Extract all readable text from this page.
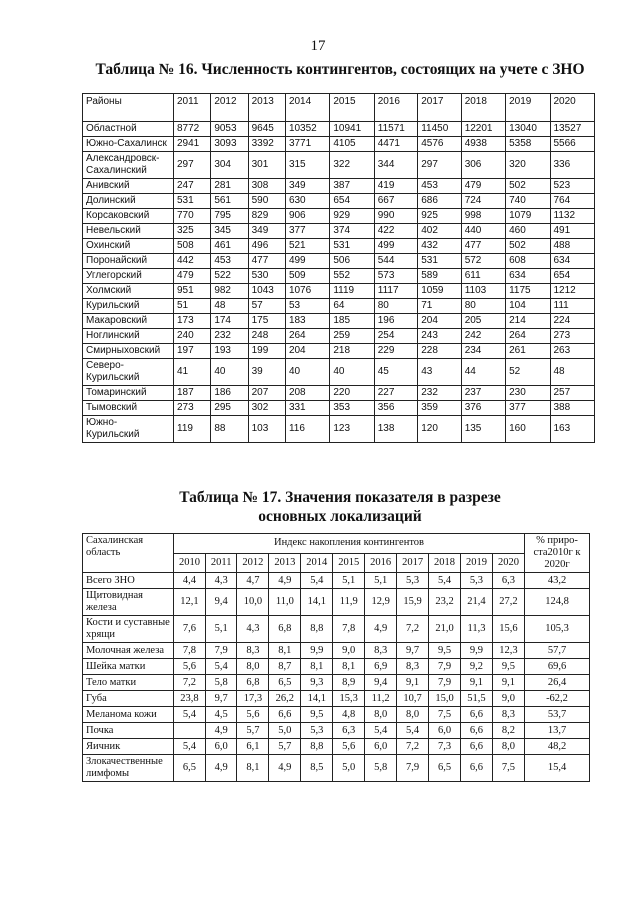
17
Таблица № 16. Численность контингентов, состоящих на учете с ЗНО
Районы	2011	2012	2013	2014	2015	2016	2017	2018	2019	2020
Областной	8772	9053	9645	10352	10941	11571	11450	12201	13040	13527
Южно-Сахалинск	2941	3093	3392	3771	4105	4471	4576	4938	5358	5566
Александровск-Сахалинский	297	304	301	315	322	344	297	306	320	336
Анивский	247	281	308	349	387	419	453	479	502	523
Долинский	531	561	590	630	654	667	686	724	740	764
Корсаковский	770	795	829	906	929	990	925	998	1079	1132
Невельский	325	345	349	377	374	422	402	440	460	491
Охинский	508	461	496	521	531	499	432	477	502	488
Поронайский	442	453	477	499	506	544	531	572	608	634
Углегорский	479	522	530	509	552	573	589	611	634	654
Холмский	951	982	1043	1076	1119	1117	1059	1103	1175	1212
Курильский	51	48	57	53	64	80	71	80	104	111
Макаровский	173	174	175	183	185	196	204	205	214	224
Ноглинский	240	232	248	264	259	254	243	242	264	273
Смирныховский	197	193	199	204	218	229	228	234	261	263
Северо-Курильский	41	40	39	40	40	45	43	44	52	48
Томаринский	187	186	207	208	220	227	232	237	230	257
Тымовский	273	295	302	331	353	356	359	376	377	388
Южно-Курильский	119	88	103	116	123	138	120	135	160	163
Таблица № 17. Значения показателя в разрезе основных локализаций
Сахалинская область	Индекс накопления контингентов											% приро-ста2010г к 2020г
	2010	2011	2012	2013	2014	2015	2016	2017	2018	2019	2020	
Всего ЗНО	4,4	4,3	4,7	4,9	5,4	5,1	5,1	5,3	5,4	5,3	6,3	43,2
Щитовидная железа	12,1	9,4	10,0	11,0	14,1	11,9	12,9	15,9	23,2	21,4	27,2	124,8
Кости и суставные хрящи	7,6	5,1	4,3	6,8	8,8	7,8	4,9	7,2	21,0	11,3	15,6	105,3
Молочная железа	7,8	7,9	8,3	8,1	9,9	9,0	8,3	9,7	9,5	9,9	12,3	57,7
Шейка матки	5,6	5,4	8,0	8,7	8,1	8,1	6,9	8,3	7,9	9,2	9,5	69,6
Тело матки	7,2	5,8	6,8	6,5	9,3	8,9	9,4	9,1	7,9	9,1	9,1	26,4
Губа	23,8	9,7	17,3	26,2	14,1	15,3	11,2	10,7	15,0	51,5	9,0	-62,2
Меланома кожи	5,4	4,5	5,6	6,6	9,5	4,8	8,0	8,0	7,5	6,6	8,3	53,7
Почка		4,9	5,7	5,0	5,3	6,3	5,4	5,4	6,0	6,6	8,2	13,7
Яичник	5,4	6,0	6,1	5,7	8,8	5,6	6,0	7,2	7,3	6,6	8,0	48,2
Злокачественные лимфомы	6,5	4,9	8,1	4,9	8,5	5,0	5,8	7,9	6,5	6,6	7,5	15,4
